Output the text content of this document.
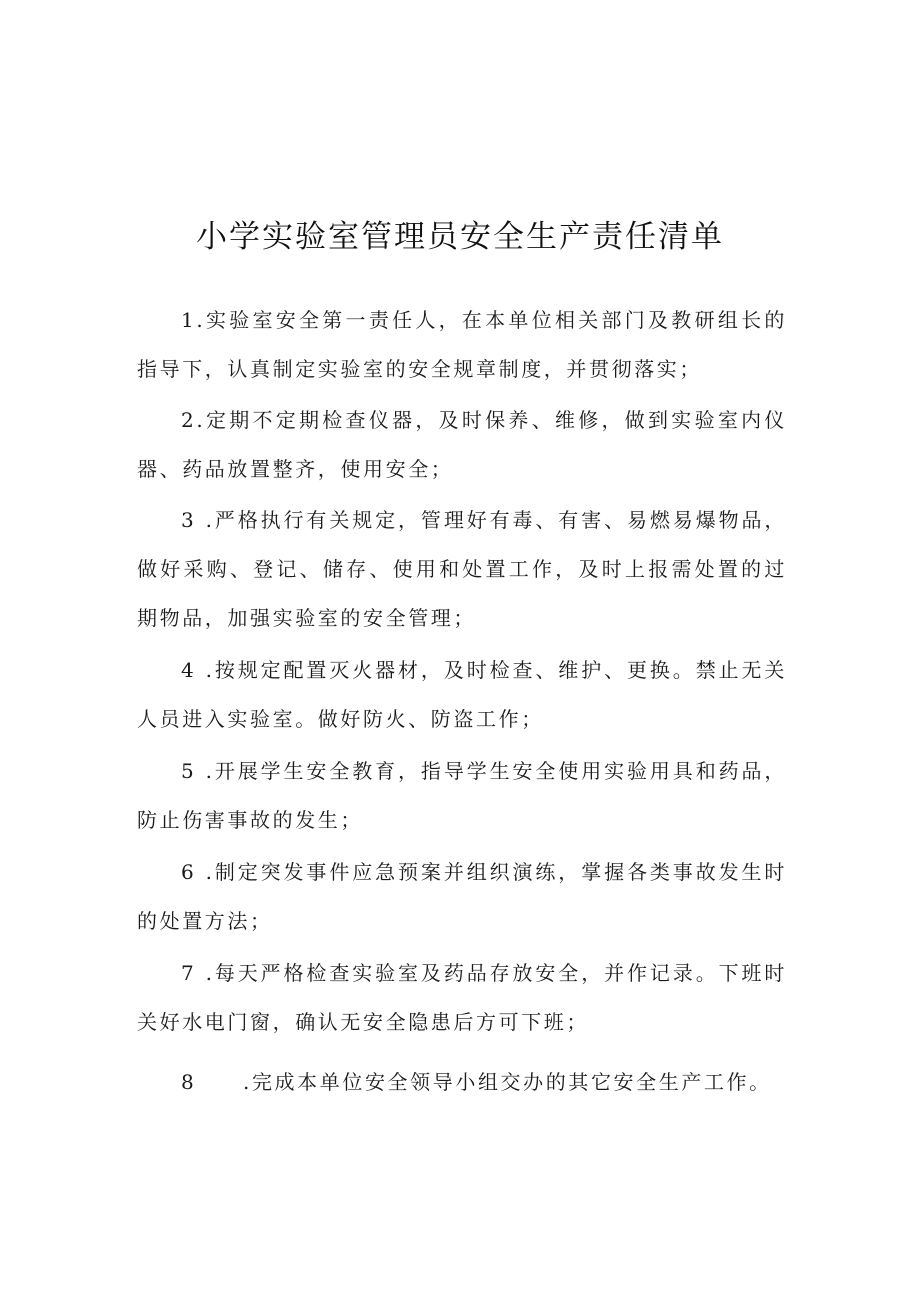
小学实验室管理员安全生产责任清单

1.实验室安全第一责任人，在本单位相关部门及教研组长的指导下，认真制定实验室的安全规章制度，并贯彻落实；

2.定期不定期检查仪器，及时保养、维修，做到实验室内仪器、药品放置整齐，使用安全；

3 .严格执行有关规定，管理好有毒、有害、易燃易爆物品，做好采购、登记、储存、使用和处置工作，及时上报需处置的过期物品，加强实验室的安全管理；

4 .按规定配置灭火器材，及时检查、维护、更换。禁止无关人员进入实验室。做好防火、防盗工作；

5 .开展学生安全教育，指导学生安全使用实验用具和药品，防止伤害事故的发生；

6 .制定突发事件应急预案并组织演练，掌握各类事故发生时的处置方法；

7 .每天严格检查实验室及药品存放安全，并作记录。下班时关好水电门窗，确认无安全隐患后方可下班；

8 .完成本单位安全领导小组交办的其它安全生产工作。
